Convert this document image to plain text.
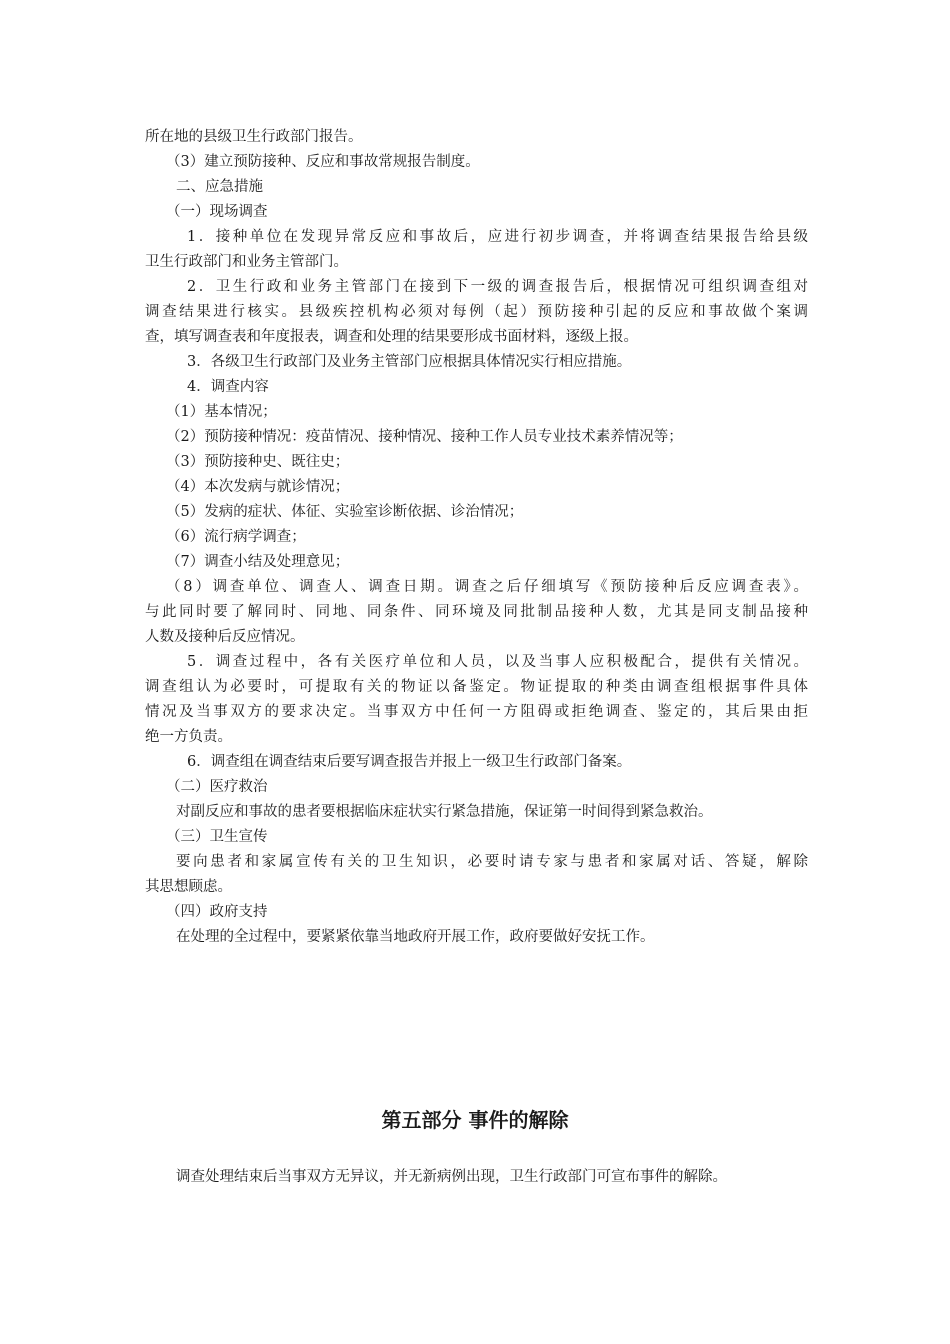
所在地的县级卫生行政部门报告。
（3）建立预防接种、反应和事故常规报告制度。
二、应急措施
（一）现场调查
1．接种单位在发现异常反应和事故后，应进行初步调查，并将调查结果报告给县级
卫生行政部门和业务主管部门。
2．卫生行政和业务主管部门在接到下一级的调查报告后，根据情况可组织调查组对
调查结果进行核实。县级疾控机构必须对每例（起）预防接种引起的反应和事故做个案调
查，填写调查表和年度报表，调查和处理的结果要形成书面材料，逐级上报。
3．各级卫生行政部门及业务主管部门应根据具体情况实行相应措施。
4．调查内容
（1）基本情况；
（2）预防接种情况：疫苗情况、接种情况、接种工作人员专业技术素养情况等；
（3）预防接种史、既往史；
（4）本次发病与就诊情况；
（5）发病的症状、体征、实验室诊断依据、诊治情况；
（6）流行病学调查；
（7）调查小结及处理意见；
（8）调查单位、调查人、调查日期。调查之后仔细填写《预防接种后反应调查表》。
与此同时要了解同时、同地、同条件、同环境及同批制品接种人数，尤其是同支制品接种
人数及接种后反应情况。
5．调查过程中，各有关医疗单位和人员，以及当事人应积极配合，提供有关情况。
调查组认为必要时，可提取有关的物证以备鉴定。物证提取的种类由调查组根据事件具体
情况及当事双方的要求决定。当事双方中任何一方阻碍或拒绝调查、鉴定的，其后果由拒
绝一方负责。
6．调查组在调查结束后要写调查报告并报上一级卫生行政部门备案。
（二）医疗救治
对副反应和事故的患者要根据临床症状实行紧急措施，保证第一时间得到紧急救治。
（三）卫生宣传
要向患者和家属宣传有关的卫生知识，必要时请专家与患者和家属对话、答疑，解除
其思想顾虑。
（四）政府支持
在处理的全过程中，要紧紧依靠当地政府开展工作，政府要做好安抚工作。
第五部分 事件的解除
调查处理结束后当事双方无异议，并无新病例出现，卫生行政部门可宣布事件的解除。
